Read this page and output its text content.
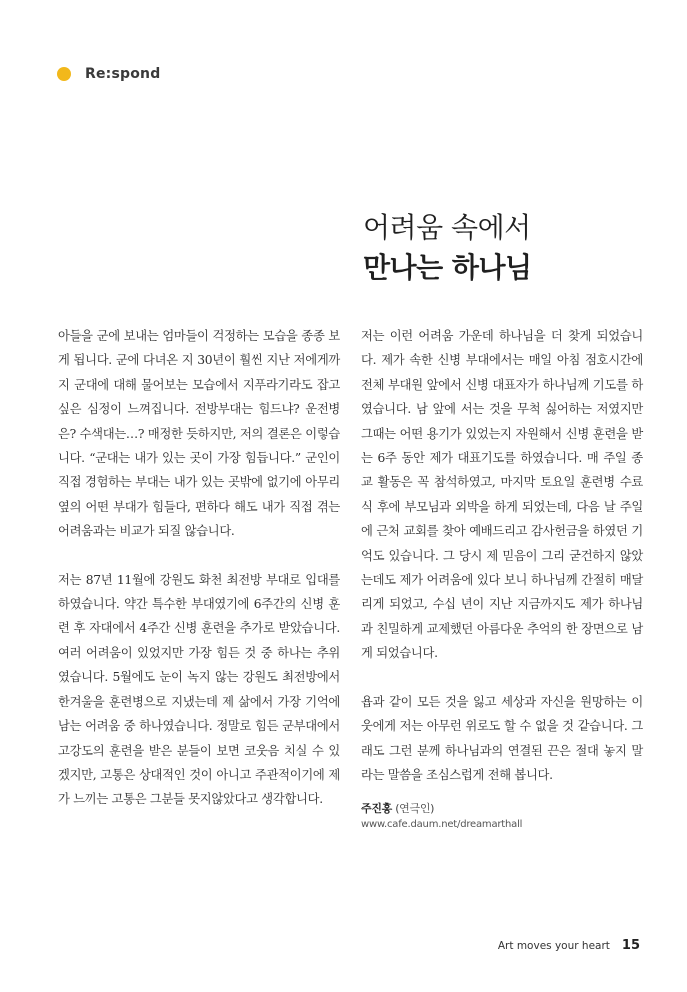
Re:spond
어려움 속에서
만나는 하나님

아들을 군에 보내는 엄마들이 걱정하는 모습을 종종 보게 됩니다. 군에 다녀온 지 30년이 훨씬 지난 저에게까지 군대에 대해 물어보는 모습에서 지푸라기라도 잡고 싶은 심정이 느껴집니다. 전방부대는 힘드냐? 운전병은? 수색대는…? 매정한 듯하지만, 저의 결론은 이렇습니다. “군대는 내가 있는 곳이 가장 힘듭니다.” 군인이 직접 경험하는 부대는 내가 있는 곳밖에 없기에 아무리 옆의 어떤 부대가 힘들다, 편하다 해도 내가 직접 겪는 어려움과는 비교가 되질 않습니다.

저는 87년 11월에 강원도 화천 최전방 부대로 입대를 하였습니다. 약간 특수한 부대였기에 6주간의 신병 훈련 후 자대에서 4주간 신병 훈련을 추가로 받았습니다. 여러 어려움이 있었지만 가장 힘든 것 중 하나는 추위였습니다. 5월에도 눈이 녹지 않는 강원도 최전방에서 한겨울을 훈련병으로 지냈는데 제 삶에서 가장 기억에 남는 어려움 중 하나였습니다. 정말로 힘든 군부대에서 고강도의 훈련을 받은 분들이 보면 코웃음 치실 수 있겠지만, 고통은 상대적인 것이 아니고 주관적이기에 제가 느끼는 고통은 그분들 못지않았다고 생각합니다.

저는 이런 어려움 가운데 하나님을 더 찾게 되었습니다. 제가 속한 신병 부대에서는 매일 아침 점호시간에 전체 부대원 앞에서 신병 대표자가 하나님께 기도를 하였습니다. 남 앞에 서는 것을 무척 싫어하는 저였지만 그때는 어떤 용기가 있었는지 자원해서 신병 훈련을 받는 6주 동안 제가 대표기도를 하였습니다. 매 주일 종교 활동은 꼭 참석하였고, 마지막 토요일 훈련병 수료식 후에 부모님과 외박을 하게 되었는데, 다음 날 주일에 근처 교회를 찾아 예배드리고 감사헌금을 하였던 기억도 있습니다. 그 당시 제 믿음이 그리 굳건하지 않았는데도 제가 어려움에 있다 보니 하나님께 간절히 매달리게 되었고, 수십 년이 지난 지금까지도 제가 하나님과 친밀하게 교제했던 아름다운 추억의 한 장면으로 남게 되었습니다.

욥과 같이 모든 것을 잃고 세상과 자신을 원망하는 이웃에게 저는 아무런 위로도 할 수 없을 것 같습니다. 그래도 그런 분께 하나님과의 연결된 끈은 절대 놓지 말라는 말씀을 조심스럽게 전해 봅니다.

주진홍 (연극인)
www.cafe.daum.net/dreamarthall
Art moves your heart 15
